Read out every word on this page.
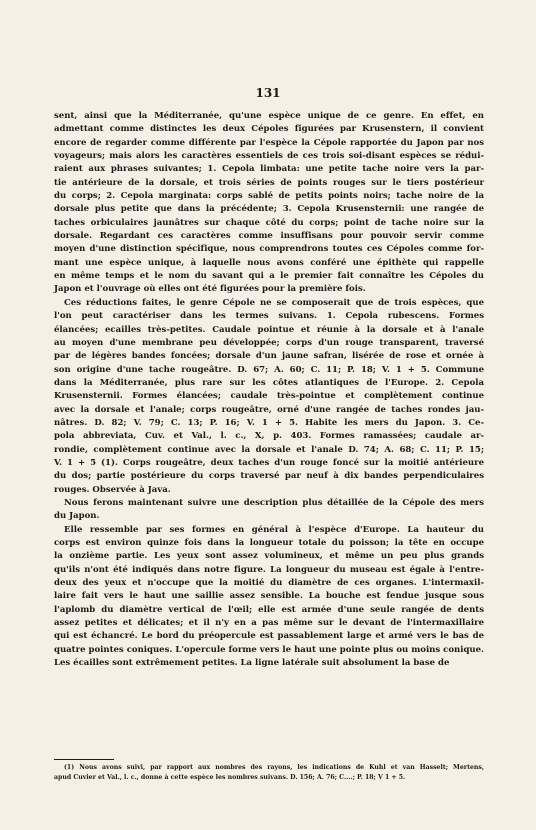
131
sent, ainsi que la Méditerranée, qu'une espèce unique de ce genre. En effet, en
admettant comme distinctes les deux Cépoles figurées par Krusenstern, il convient
encore de regarder comme différente par l'espèce la Cépole rapportée du Japon par nos
voyageurs; mais alors les caractères essentiels de ces trois soi-disant espèces se rédui-
raient aux phrases suivantes; 1. Cepola limbata: une petite tache noire vers la par-
tie antérieure de la dorsale, et trois séries de points rouges sur le tiers postérieur
du corps; 2. Cepola marginata: corps sablé de petits points noirs; tache noire de la
dorsale plus petite que dans la précédente; 3. Cepola Krusensternii: une rangée de
taches orbiculaires jaunâtres sur chaque côté du corps; point de tache noire sur la
dorsale. Regardant ces caractères comme insuffisans pour pouvoir servir comme
moyen d'une distinction spécifique, nous comprendrons toutes ces Cépoles comme for-
mant une espèce unique, à laquelle nous avons conféré une épithète qui rappelle
en même temps et le nom du savant qui a le premier fait connaître les Cépoles du
Japon et l'ouvrage où elles ont été figurées pour la première fois.
Ces réductions faites, le genre Cépole ne se composerait que de trois espèces, que
l'on peut caractériser dans les termes suivans. 1. Cepola rubescens. Formes
élancées; ecailles très-petites. Caudale pointue et réunie à la dorsale et à l'anale
au moyen d'une membrane peu développée; corps d'un rouge transparent, traversé
par de légères bandes foncées; dorsale d'un jaune safran, lisérée de rose et ornée à
son origine d'une tache rougeâtre. D. 67; A. 60; C. 11; P. 18; V. 1 + 5. Commune
dans la Méditerranée, plus rare sur les côtes atlantiques de l'Europe. 2. Cepola
Krusensternii. Formes élancées; caudale très-pointue et complètement continue
avec la dorsale et l'anale; corps rougeâtre, orné d'une rangée de taches rondes jau-
nâtres. D. 82; V. 79; C. 13; P. 16; V. 1 + 5. Habite les mers du Japon. 3. Ce-
pola abbreviata, Cuv. et Val., l. c., X, p. 403. Formes ramassées; caudale ar-
rondie, complètement continue avec la dorsale et l'anale D. 74; A. 68; C. 11; P. 15;
V. 1 + 5 (1). Corps rougeâtre, deux taches d'un rouge foncé sur la moitié antérieure
du dos; partie postérieure du corps traversé par neuf à dix bandes perpendiculaires
rouges. Observée à Java.
Nous ferons maintenant suivre une description plus détaillée de la Cépole des mers
du Japon.
Elle ressemble par ses formes en général à l'espèce d'Europe. La hauteur du
corps est environ quinze fois dans la longueur totale du poisson; la tête en occupe
la onzième partie. Les yeux sont assez volumineux, et même un peu plus grands
qu'ils n'ont été indiqués dans notre figure. La longueur du museau est égale à l'entre-
deux des yeux et n'occupe que la moitié du diamètre de ces organes. L'intermaxil-
laire fait vers le haut une saillie assez sensible. La bouche est fendue jusque sous
l'aplomb du diamètre vertical de l'œil; elle est armée d'une seule rangée de dents
assez petites et délicates; et il n'y en a pas même sur le devant de l'intermaxillaire
qui est échancré. Le bord du préopercule est passablement large et armé vers le bas de
quatre pointes coniques. L'opercule forme vers le haut une pointe plus ou moins conique.
Les écailles sont extrêmement petites. La ligne latérale suit absolument la base de
(1) Nous avons suivi, par rapport aux nombres des rayons, les indications de Kuhl et van Hasselt; Mertens,
apud Cuvier et Val., l. c., donne à cette espèce les nombres suivans. D. 156; A. 76; C....; P. 18; V 1 + 5.
